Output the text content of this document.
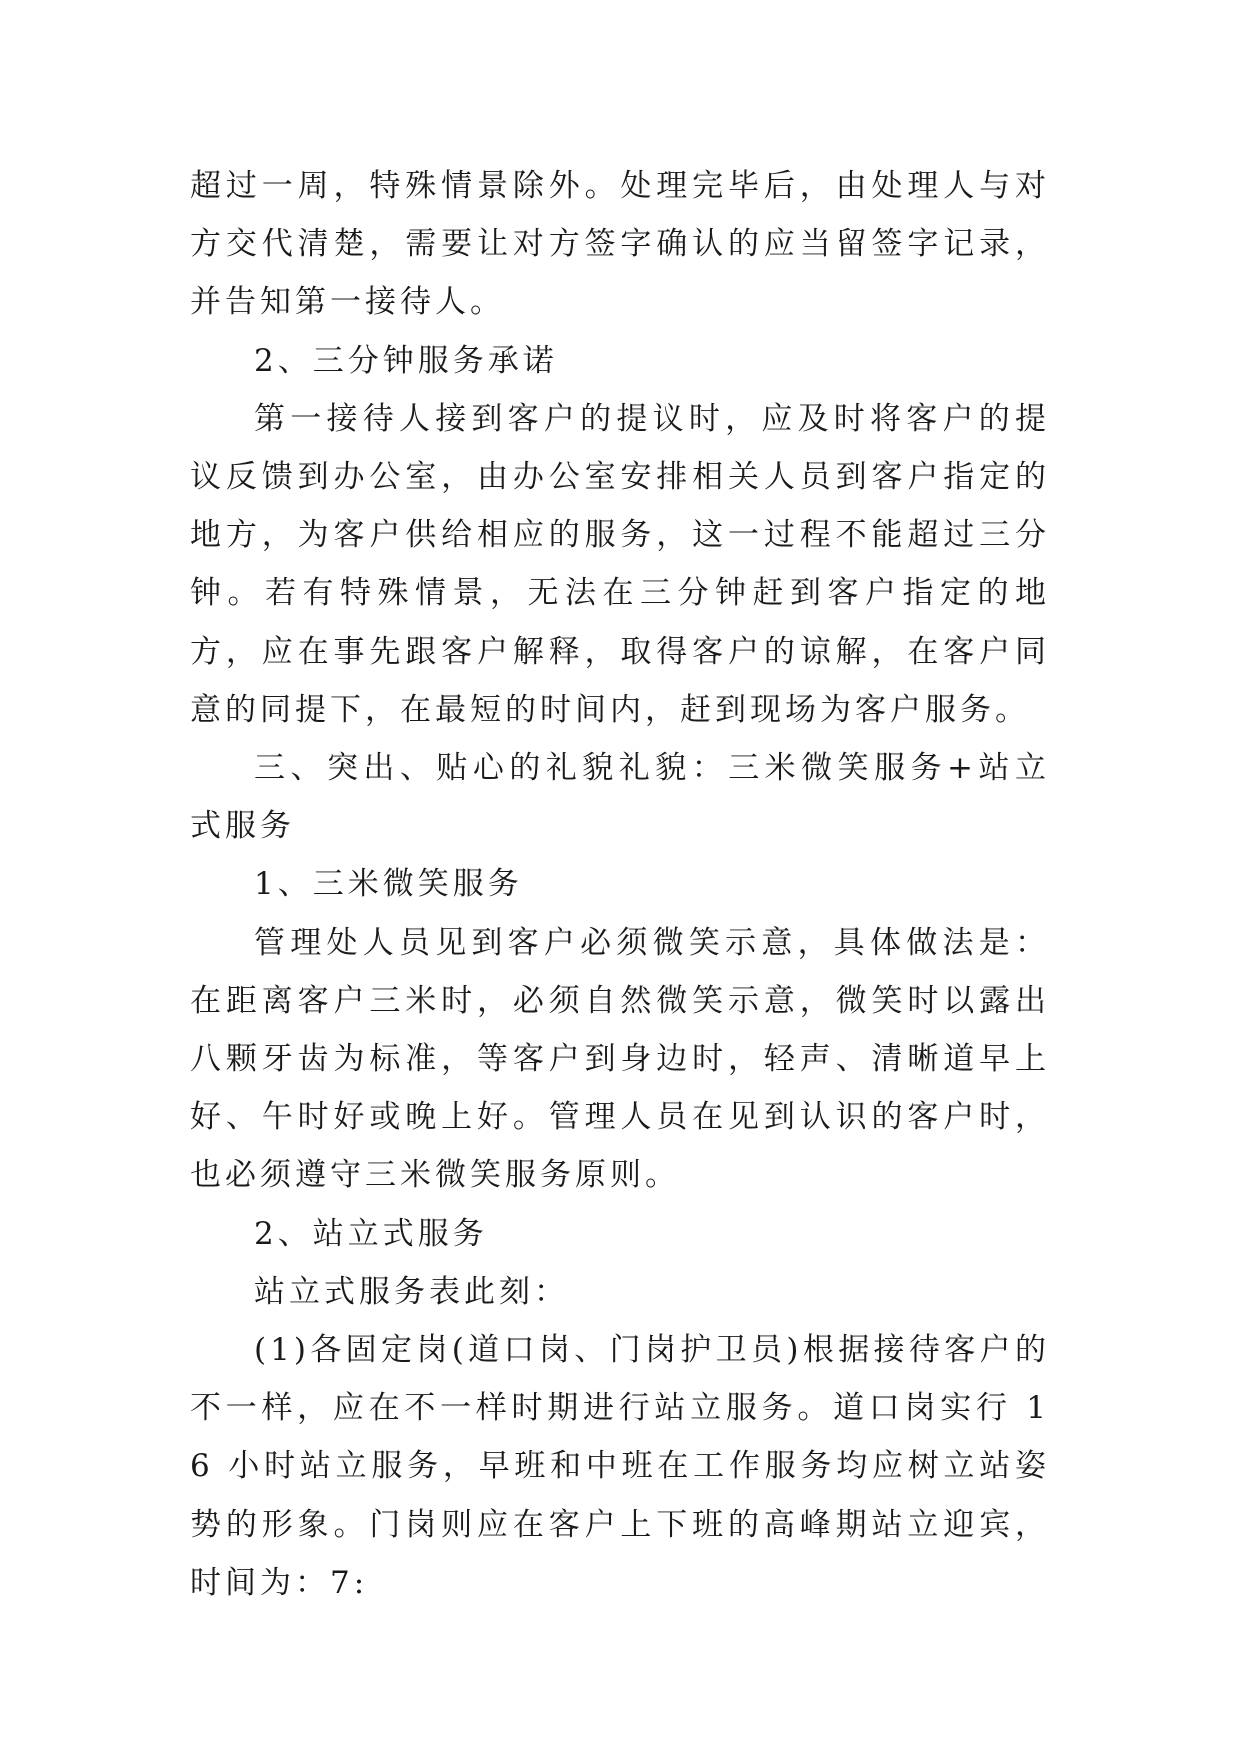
超过一周，特殊情景除外。处理完毕后，由处理人与对方交代清楚，需要让对方签字确认的应当留签字记录，并告知第一接待人。

2、三分钟服务承诺

第一接待人接到客户的提议时，应及时将客户的提议反馈到办公室，由办公室安排相关人员到客户指定的地方，为客户供给相应的服务，这一过程不能超过三分钟。若有特殊情景，无法在三分钟赶到客户指定的地方，应在事先跟客户解释，取得客户的谅解，在客户同意的同提下，在最短的时间内，赶到现场为客户服务。

三、突出、贴心的礼貌礼貌：三米微笑服务+站立式服务

1、三米微笑服务

管理处人员见到客户必须微笑示意，具体做法是：在距离客户三米时，必须自然微笑示意，微笑时以露出八颗牙齿为标准，等客户到身边时，轻声、清晰道早上好、午时好或晚上好。管理人员在见到认识的客户时，也必须遵守三米微笑服务原则。

2、站立式服务

站立式服务表此刻：

(1)各固定岗(道口岗、门岗护卫员)根据接待客户的不一样，应在不一样时期进行站立服务。道口岗实行 16 小时站立服务，早班和中班在工作服务均应树立站姿势的形象。门岗则应在客户上下班的高峰期站立迎宾，时间为：7:
